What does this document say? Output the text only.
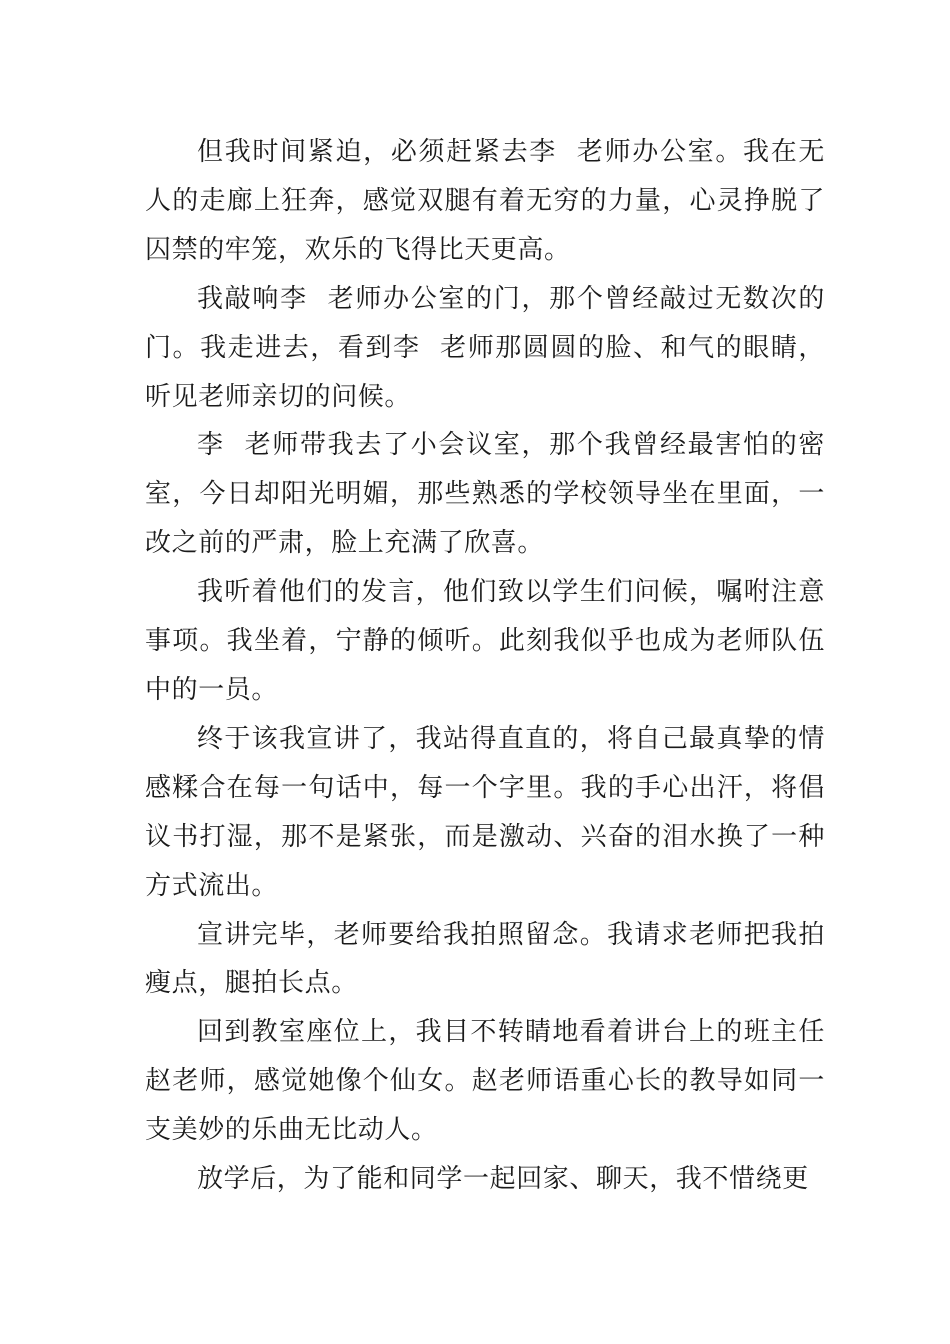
但我时间紧迫，必须赶紧去李  老师办公室。我在无人的走廊上狂奔，感觉双腿有着无穷的力量，心灵挣脱了囚禁的牢笼，欢乐的飞得比天更高。

我敲响李  老师办公室的门，那个曾经敲过无数次的门。我走进去，看到李  老师那圆圆的脸、和气的眼睛，听见老师亲切的问候。

李  老师带我去了小会议室，那个我曾经最害怕的密室，今日却阳光明媚，那些熟悉的学校领导坐在里面，一改之前的严肃，脸上充满了欣喜。

我听着他们的发言，他们致以学生们问候，嘱咐注意事项。我坐着，宁静的倾听。此刻我似乎也成为老师队伍中的一员。

终于该我宣讲了，我站得直直的，将自己最真挚的情感糅合在每一句话中，每一个字里。我的手心出汗，将倡议书打湿，那不是紧张，而是激动、兴奋的泪水换了一种方式流出。

宣讲完毕，老师要给我拍照留念。我请求老师把我拍瘦点，腿拍长点。

回到教室座位上，我目不转睛地看着讲台上的班主任赵老师，感觉她像个仙女。赵老师语重心长的教导如同一支美妙的乐曲无比动人。

放学后，为了能和同学一起回家、聊天，我不惜绕更
